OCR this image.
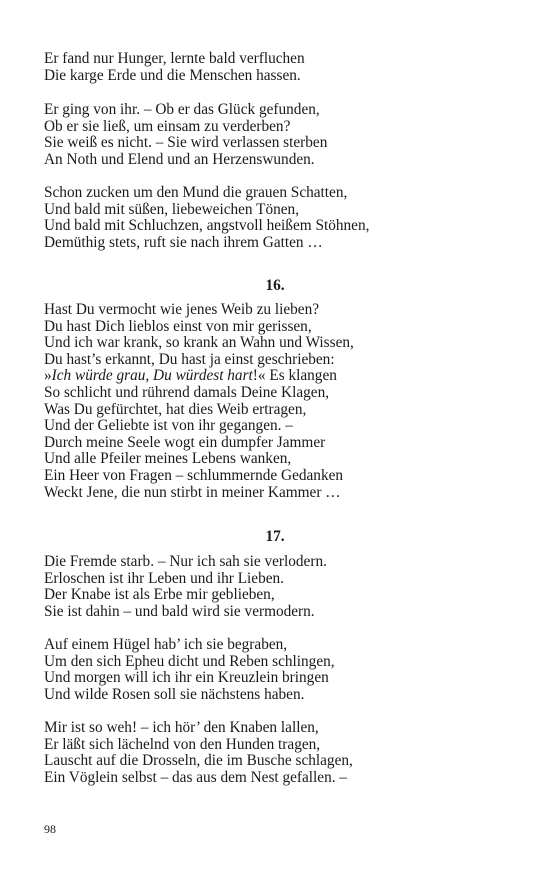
Er fand nur Hunger, lernte bald verfluchen
Die karge Erde und die Menschen hassen.
Er ging von ihr. – Ob er das Glück gefunden,
Ob er sie ließ, um einsam zu verderben?
Sie weiß es nicht. – Sie wird verlassen sterben
An Noth und Elend und an Herzenswunden.
Schon zucken um den Mund die grauen Schatten,
Und bald mit süßen, liebeweichen Tönen,
Und bald mit Schluchzen, angstvoll heißem Stöhnen,
Demüthig stets, ruft sie nach ihrem Gatten …
16.
Hast Du vermocht wie jenes Weib zu lieben?
Du hast Dich lieblos einst von mir gerissen,
Und ich war krank, so krank an Wahn und Wissen,
Du hast’s erkannt, Du hast ja einst geschrieben:
»Ich würde grau, Du würdest hart!« Es klangen
So schlicht und rührend damals Deine Klagen,
Was Du gefürchtet, hat dies Weib ertragen,
Und der Geliebte ist von ihr gegangen. –
Durch meine Seele wogt ein dumpfer Jammer
Und alle Pfeiler meines Lebens wanken,
Ein Heer von Fragen – schlummernde Gedanken
Weckt Jene, die nun stirbt in meiner Kammer …
17.
Die Fremde starb. – Nur ich sah sie verlodern.
Erloschen ist ihr Leben und ihr Lieben.
Der Knabe ist als Erbe mir geblieben,
Sie ist dahin – und bald wird sie vermodern.
Auf einem Hügel hab’ ich sie begraben,
Um den sich Epheu dicht und Reben schlingen,
Und morgen will ich ihr ein Kreuzlein bringen
Und wilde Rosen soll sie nächstens haben.
Mir ist so weh! – ich hör’ den Knaben lallen,
Er läßt sich lächelnd von den Hunden tragen,
Lauscht auf die Drosseln, die im Busche schlagen,
Ein Vöglein selbst – das aus dem Nest gefallen. –
98
